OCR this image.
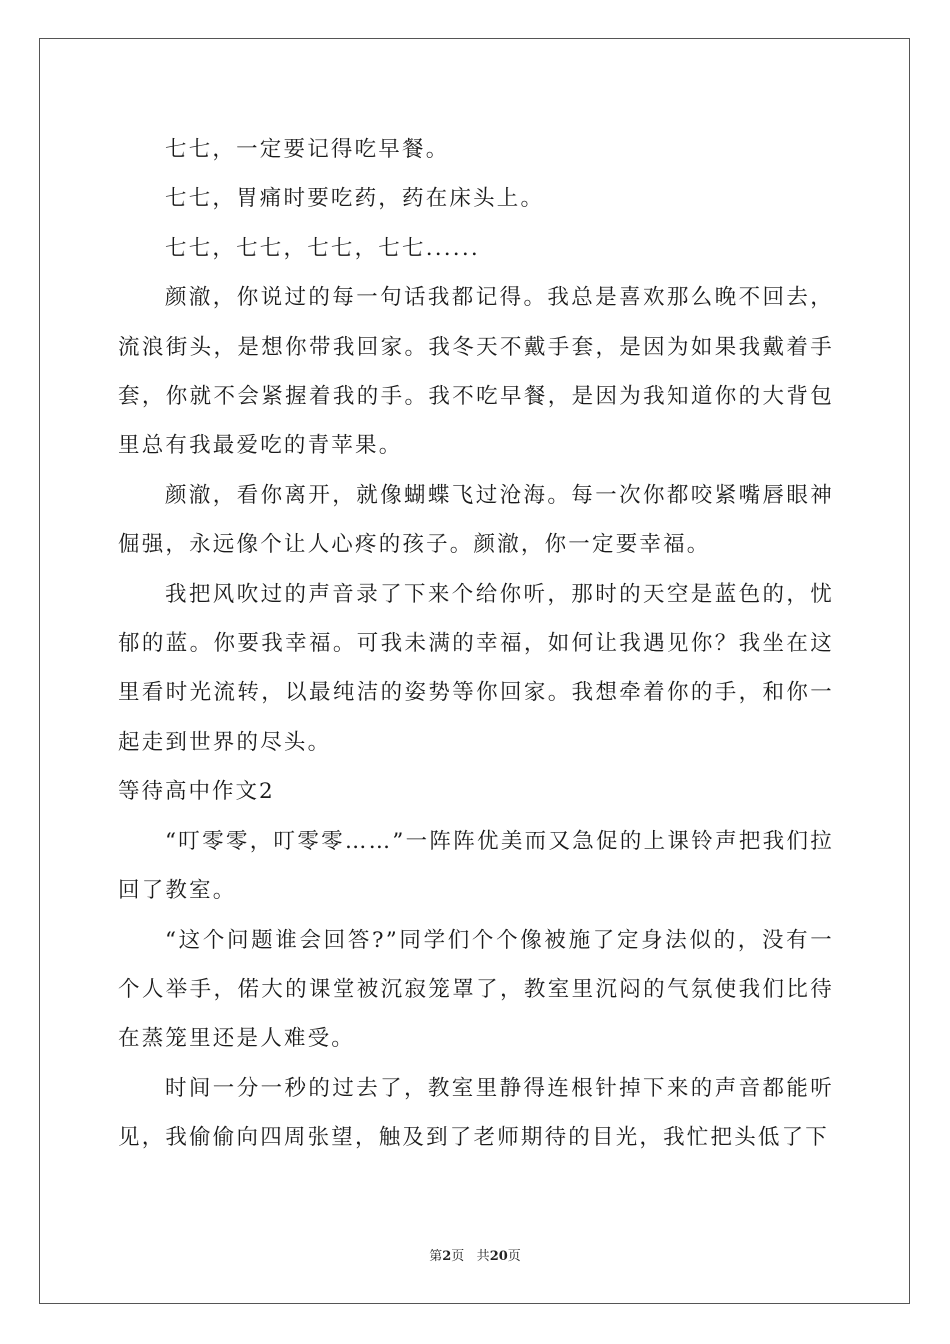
七七，一定要记得吃早餐。

七七，胃痛时要吃药，药在床头上。

七七，七七，七七，七七......

颜澈，你说过的每一句话我都记得。我总是喜欢那么晚不回去，流浪街头，是想你带我回家。我冬天不戴手套，是因为如果我戴着手套，你就不会紧握着我的手。我不吃早餐，是因为我知道你的大背包里总有我最爱吃的青苹果。

颜澈，看你离开，就像蝴蝶飞过沧海。每一次你都咬紧嘴唇眼神倔强，永远像个让人心疼的孩子。颜澈，你一定要幸福。

我把风吹过的声音录了下来个给你听，那时的天空是蓝色的，忧郁的蓝。你要我幸福。可我未满的幸福，如何让我遇见你？我坐在这里看时光流转，以最纯洁的姿势等你回家。我想牵着你的手，和你一起走到世界的尽头。

等待高中作文2

“叮零零，叮零零……”一阵阵优美而又急促的上课铃声把我们拉回了教室。

“这个问题谁会回答?”同学们个个像被施了定身法似的，没有一个人举手，偌大的课堂被沉寂笼罩了，教室里沉闷的气氛使我们比待在蒸笼里还是人难受。

时间一分一秒的过去了，教室里静得连根针掉下来的声音都能听见，我偷偷向四周张望，触及到了老师期待的目光，我忙把头低了下

第2页 共20页
